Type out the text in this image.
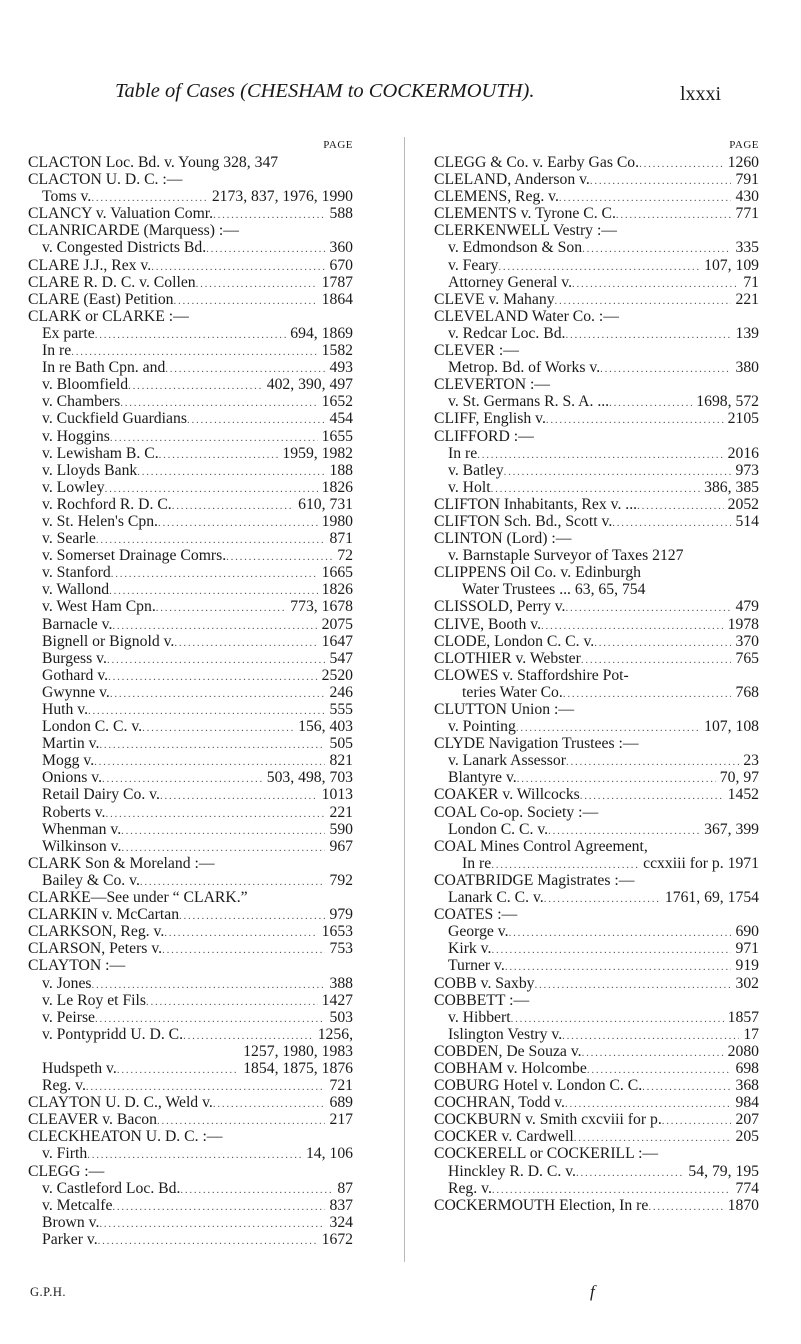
Table of Cases (CHESHAM to COCKERMOUTH).	lxxxi
PAGE
CLACTON Loc. Bd. v. Young 328, 347
CLACTON U. D. C. :—
Toms v. . . .	2173, 837, 1976, 1990
CLANCY v. Valuation Comr. . . .	588
CLANRICARDE (Marquess) :—
v. Congested Districts Bd. . . .	360
CLARE J.J., Rex v. . . .	670
CLARE R. D. C. v. Collen . . .	1787
CLARE (East) Petition . . .	1864
CLARK or CLARKE :—
Ex parte . . .	694, 1869
In re . . .	1582
In re Bath Cpn. and . . .	493
v. Bloomfield . . .	402, 390, 497
v. Chambers . . .	1652
v. Cuckfield Guardians . . .	454
v. Hoggins . . .	1655
v. Lewisham B. C. . . .	1959, 1982
v. Lloyds Bank . . .	188
v. Lowley . . .	1826
v. Rochford R. D. C. . . .	610, 731
v. St. Helen's Cpn. . . .	1980
v. Searle . . .	871
v. Somerset Drainage Comrs. . . .	72
v. Stanford . . .	1665
v. Wallond . . .	1826
v. West Ham Cpn. . . .	773, 1678
Barnacle v. . . .	2075
Bignell or Bignold v. . . .	1647
Burgess v. . . .	547
Gothard v. . . .	2520
Gwynne v. . . .	246
Huth v. . . .	555
London C. C. v. . . .	156, 403
Martin v. . . .	505
Mogg v. . . .	821
Onions v. . . .	503, 498, 703
Retail Dairy Co. v. . . .	1013
Roberts v. . . .	221
Whenman v. . . .	590
Wilkinson v. . . .	967
CLARK Son & Moreland :—
Bailey & Co. v. . . .	792
CLARKE—See under “ CLARK.”
CLARKIN v. McCartan . . .	979
CLARKSON, Reg. v. . . .	1653
CLARSON, Peters v. . . .	753
CLAYTON :—
v. Jones . . .	388
v. Le Roy et Fils . . .	1427
v. Peirse . . .	503
v. Pontypridd U. D. C. . . .	1256,
1257, 1980, 1983
Hudspeth v. . . .	1854, 1875, 1876
Reg. v. . . .	721
CLAYTON U. D. C., Weld v. . . .	689
CLEAVER v. Bacon . . .	217
CLECKHEATON U. D. C. :—
v. Firth . . .	14, 106
CLEGG :—
v. Castleford Loc. Bd. . . .	87
v. Metcalfe . . .	837
Brown v. . . .	324
Parker v. . . .	1672
PAGE
CLEGG & Co. v. Earby Gas Co. . . .	1260
CLELAND, Anderson v. . . .	791
CLEMENS, Reg. v. . . .	430
CLEMENTS v. Tyrone C. C. . . .	771
CLERKENWELL Vestry :—
v. Edmondson & Son . . .	335
v. Feary . . .	107, 109
Attorney General v. . . .	71
CLEVE v. Mahany . . .	221
CLEVELAND Water Co. :—
v. Redcar Loc. Bd. . . .	139
CLEVER :—
Metrop. Bd. of Works v. . . .	380
CLEVERTON :—
v. St. Germans R. S. A. ... . . .	1698, 572
CLIFF, English v. . . .	2105
CLIFFORD :—
In re . . .	2016
v. Batley . . .	973
v. Holt . . .	386, 385
CLIFTON Inhabitants, Rex v. ... . . .	2052
CLIFTON Sch. Bd., Scott v. . . .	514
CLINTON (Lord) :—
v. Barnstaple Surveyor of Taxes 2127
CLIPPENS Oil Co. v. Edinburgh
Water Trustees ... 63, 65, 754
CLISSOLD, Perry v. . . .	479
CLIVE, Booth v. . . .	1978
CLODE, London C. C. v. . . .	370
CLOTHIER v. Webster . . .	765
CLOWES v. Staffordshire Pot-
teries Water Co. . . .	768
CLUTTON Union :—
v. Pointing . . .	107, 108
CLYDE Navigation Trustees :—
v. Lanark Assessor . . .	23
Blantyre v. . . .	70, 97
COAKER v. Willcocks . . .	1452
COAL Co-op. Society :—
London C. C. v. . . .	367, 399
COAL Mines Control Agreement,
In re . . .	ccxxiii for p. 1971
COATBRIDGE Magistrates :—
Lanark C. C. v. . . .	1761, 69, 1754
COATES :—
George v. . . .	690
Kirk v. . . .	971
Turner v. . . .	919
COBB v. Saxby . . .	302
COBBETT :—
v. Hibbert . . .	1857
Islington Vestry v. . . .	17
COBDEN, De Souza v. . . .	2080
COBHAM v. Holcombe . . .	698
COBURG Hotel v. London C. C. . . .	368
COCHRAN, Todd v. . . .	984
COCKBURN v. Smith cxcviii for p. . . .	207
COCKER v. Cardwell . . .	205
COCKERELL or COCKERILL :—
Hinckley R. D. C. v. . . .	54, 79, 195
Reg. v. . . .	774
COCKERMOUTH Election, In re . . .	1870
G.P.H.	f
